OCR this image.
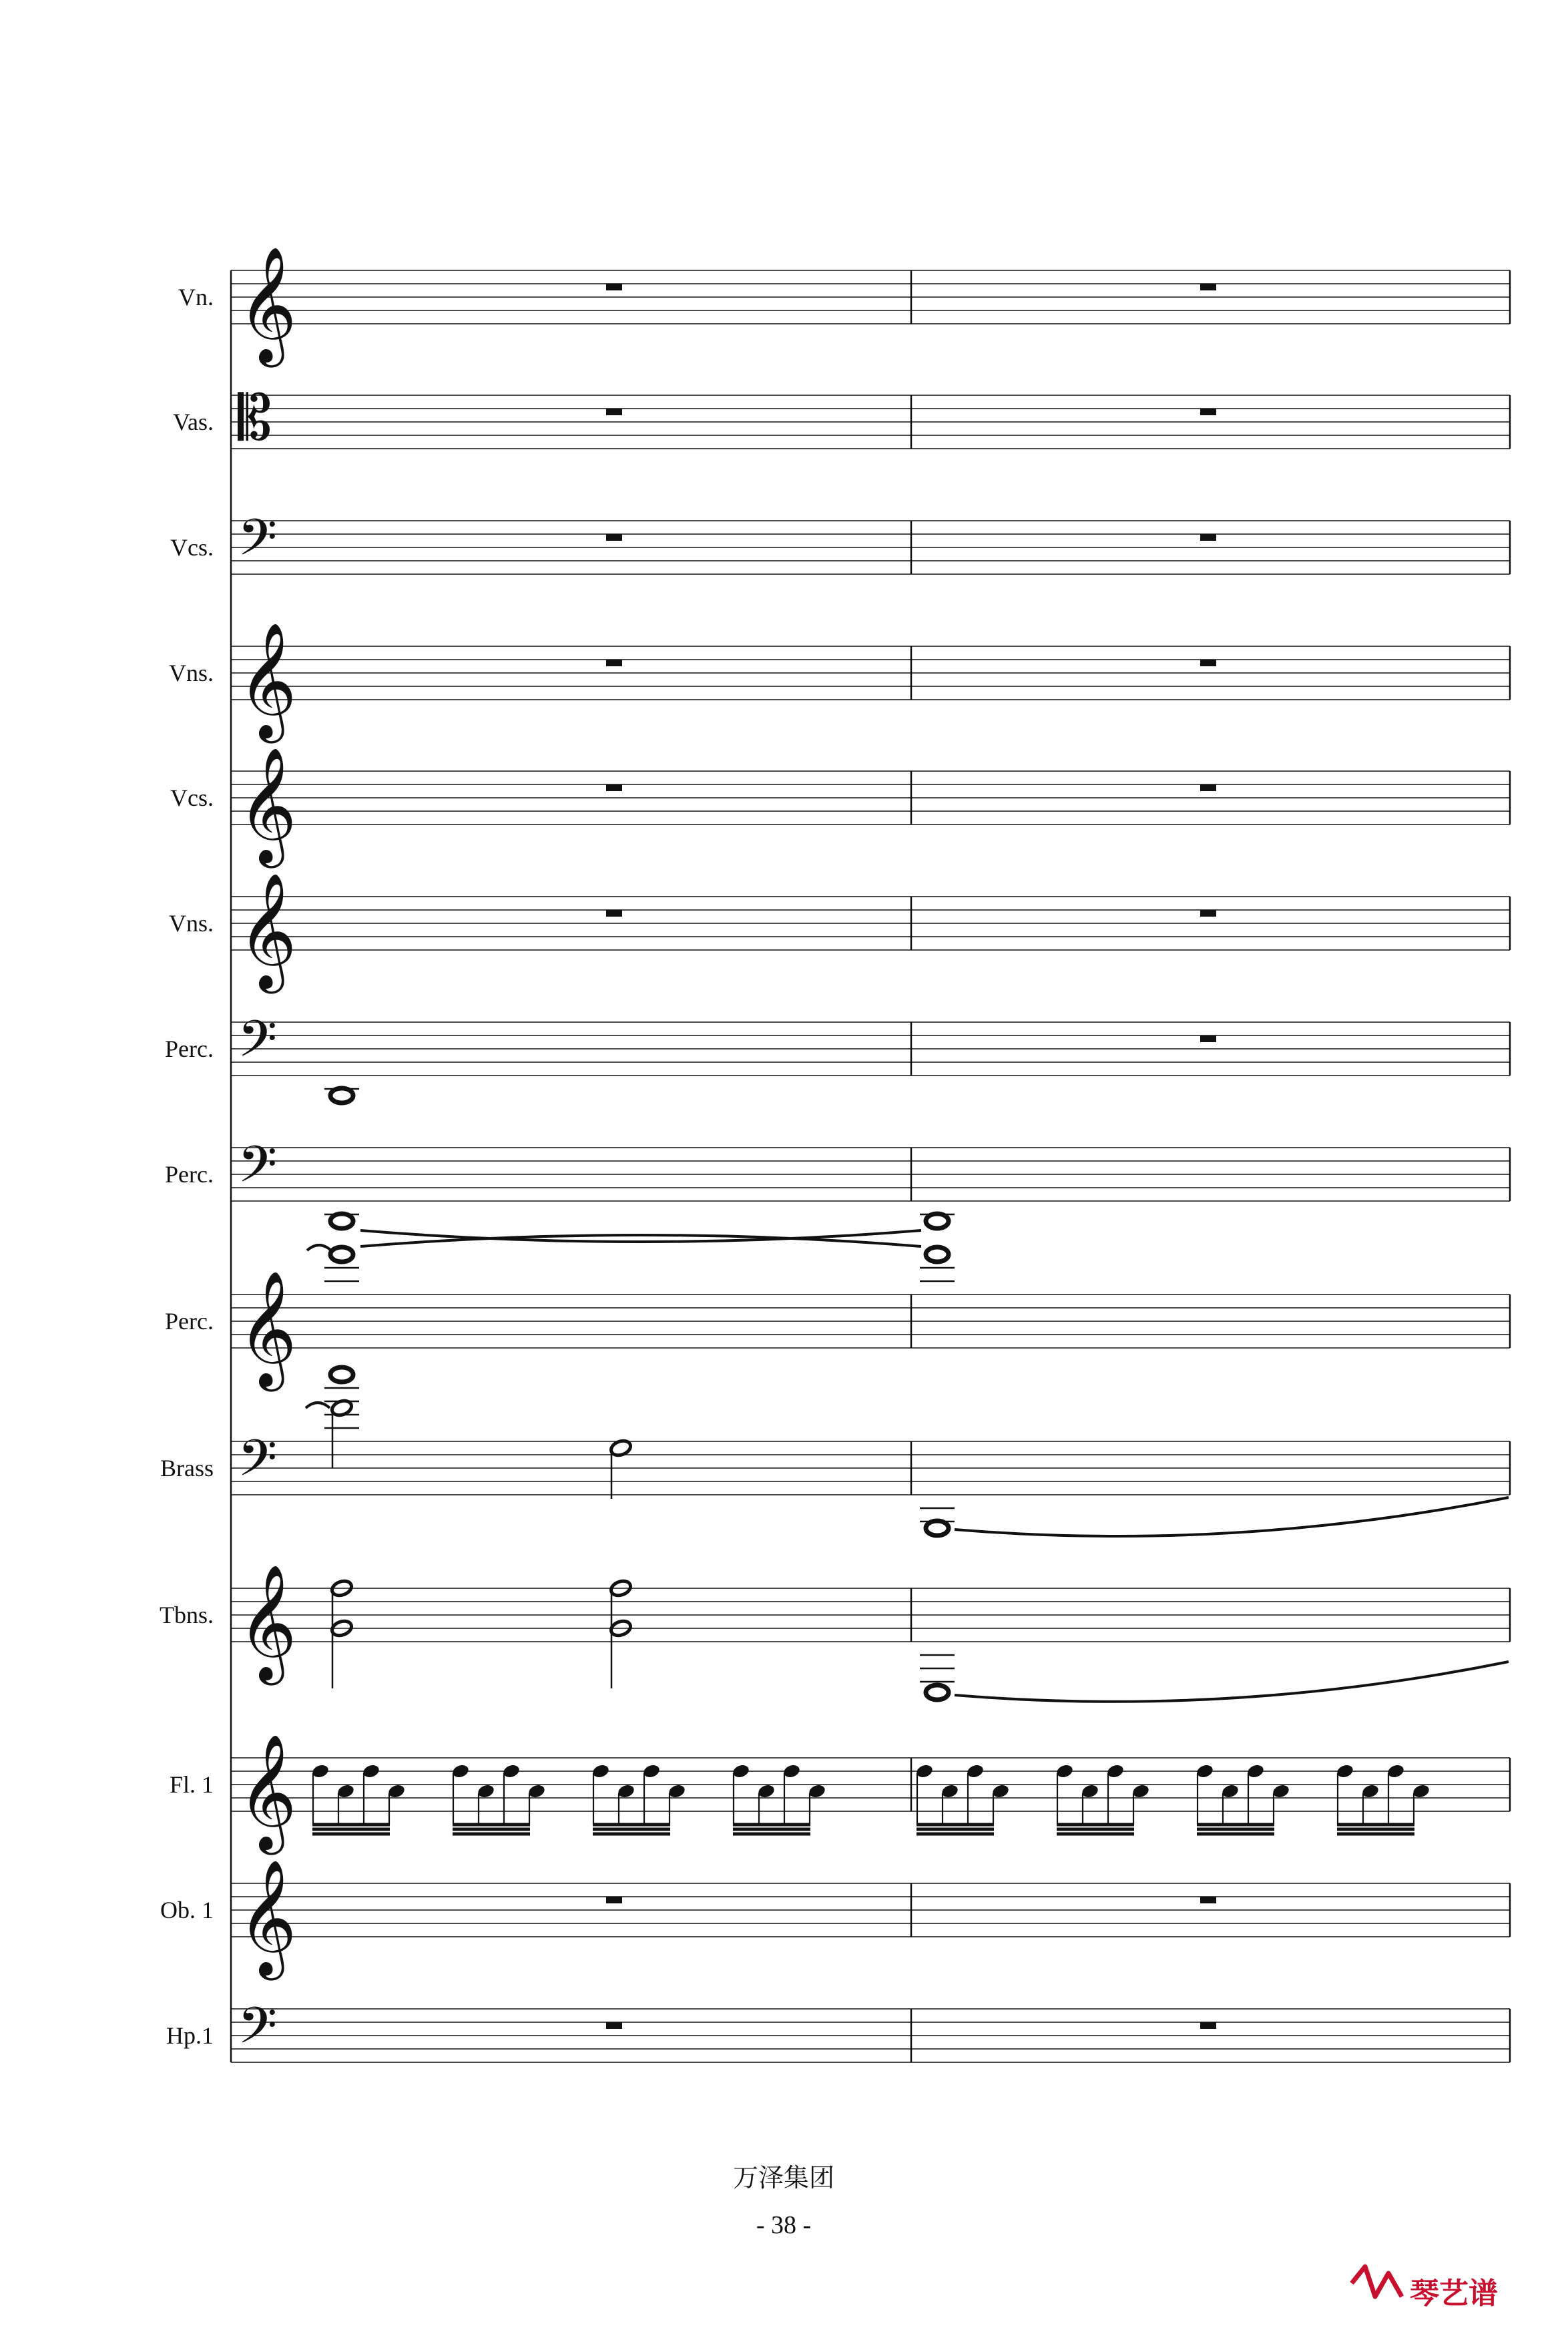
Vn. 𝄞
Vas. 𝄡
Vcs. 𝄢
Vns. 𝄞
Vcs. 𝄞
Vns. 𝄞
Perc. 𝄢
Perc. 𝄢
Perc. 𝄞
Brass 𝄢
Tbns. 𝄞
Fl. 1 𝄞
Ob. 1 𝄞
Hp.1 𝄢
万泽集团
- 38 -
琴艺谱
